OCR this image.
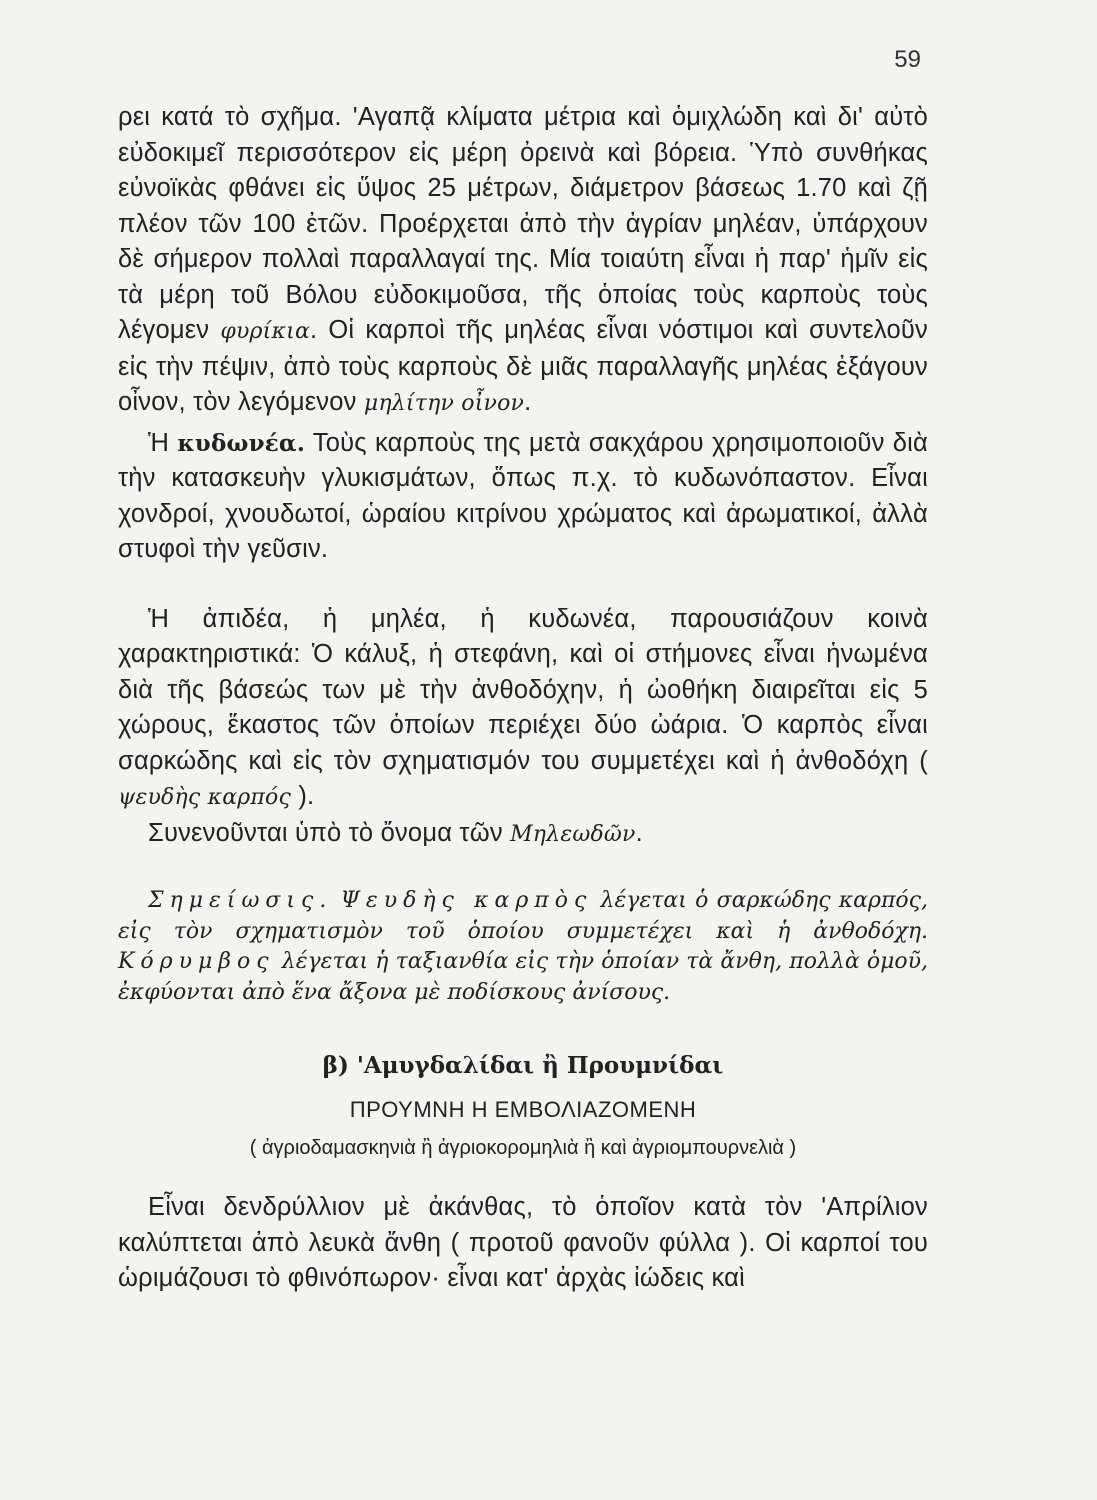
59

ρει κατά τὸ σχῆμα. 'Αγαπᾷ κλίματα μέτρια καὶ ὁμιχλώδη καὶ δι' αὐτὸ εὐδοκιμεῖ περισσότερον εἰς μέρη ὀρεινὰ καὶ βόρεια. Ὑπὸ συνθήκας εὐνοϊκὰς φθάνει εἰς ὕψος 25 μέτρων, διάμετρον βάσεως 1.70 καὶ ζῇ πλέον τῶν 100 ἐτῶν. Προέρχεται ἀπὸ τὴν ἀγρίαν μηλέαν, ὑπάρχουν δὲ σήμερον πολλαὶ παραλλαγαί της. Μία τοιαύτη εἶναι ἡ παρ' ἡμῖν εἰς τὰ μέρη τοῦ Βόλου εὐδοκιμοῦσα, τῆς ὁποίας τοὺς καρποὺς τοὺς λέγομεν φυρίκια. Οἱ καρποὶ τῆς μηλέας εἶναι νόστιμοι καὶ συντελοῦν εἰς τὴν πέψιν, ἀπὸ τοὺς καρποὺς δὲ μιᾶς παραλλαγῆς μηλέας ἐξάγουν οἶνον, τὸν λεγόμενον μηλίτην οἶνον.

Ἡ κυδωνέα. Τοὺς καρποὺς της μετὰ σακχάρου χρησιμοποιοῦν διὰ τὴν κατασκευὴν γλυκισμάτων, ὅπως π.χ. τὸ κυδωνόπαστον. Εἶναι χονδροί, χνουδωτοί, ὡραίου κιτρίνου χρώματος καὶ ἀρωματικοί, ἀλλὰ στυφοὶ τὴν γεῦσιν.

Ἡ ἀπιδέα, ἡ μηλέα, ἡ κυδωνέα, παρουσιάζουν κοινὰ χαρακτηριστικά: Ὁ κάλυξ, ἡ στεφάνη, καὶ οἱ στήμονες εἶναι ἡνωμένα διὰ τῆς βάσεώς των μὲ τὴν ἀνθοδόχην, ἡ ὠοθήκη διαιρεῖται εἰς 5 χώρους, ἕκαστος τῶν ὁποίων περιέχει δύο ὠάρια. Ὁ καρπὸς εἶναι σαρκώδης καὶ εἰς τὸν σχηματισμόν του συμμετέχει καὶ ἡ ἀνθοδόχη ( ψευδὴς καρπός ).

Συνενοῦνται ὑπὸ τὸ ὄνομα τῶν Μηλεωδῶν.

Σημείωσις. Ψευδὴς καρπὸς λέγεται ὁ σαρκώδης καρπός, εἰς τὸν σχηματισμὸν τοῦ ὁποίου συμμετέχει καὶ ἡ ἀνθοδόχη. Κόρυμβος λέγεται ἡ ταξιανθία εἰς τὴν ὁποίαν τὰ ἄνθη, πολλὰ ὁμοῦ, ἐκφύονται ἀπὸ ἕνα ἄξονα μὲ ποδίσκους ἀνίσους.

β) 'Αμυγδαλίδαι ἢ Προυμνίδαι
ΠΡΟΥΜΝΗ Η ΕΜΒΟΛΙΑΖΟΜΕΝΗ
( ἀγριοδαμασκηνιὰ ἢ ἀγριοκορομηλιὰ ἢ καὶ ἀγριομπουρνελιὰ )

Εἶναι δενδρύλλιον μὲ ἀκάνθας, τὸ ὁποῖον κατὰ τὸν 'Απρίλιον καλύπτεται ἀπὸ λευκὰ ἄνθη ( προτοῦ φανοῦν φύλλα ). Οἱ καρποί του ὡριμάζουσι τὸ φθινόπωρον· εἶναι κατ' ἀρχὰς ἰώδεις καὶ
